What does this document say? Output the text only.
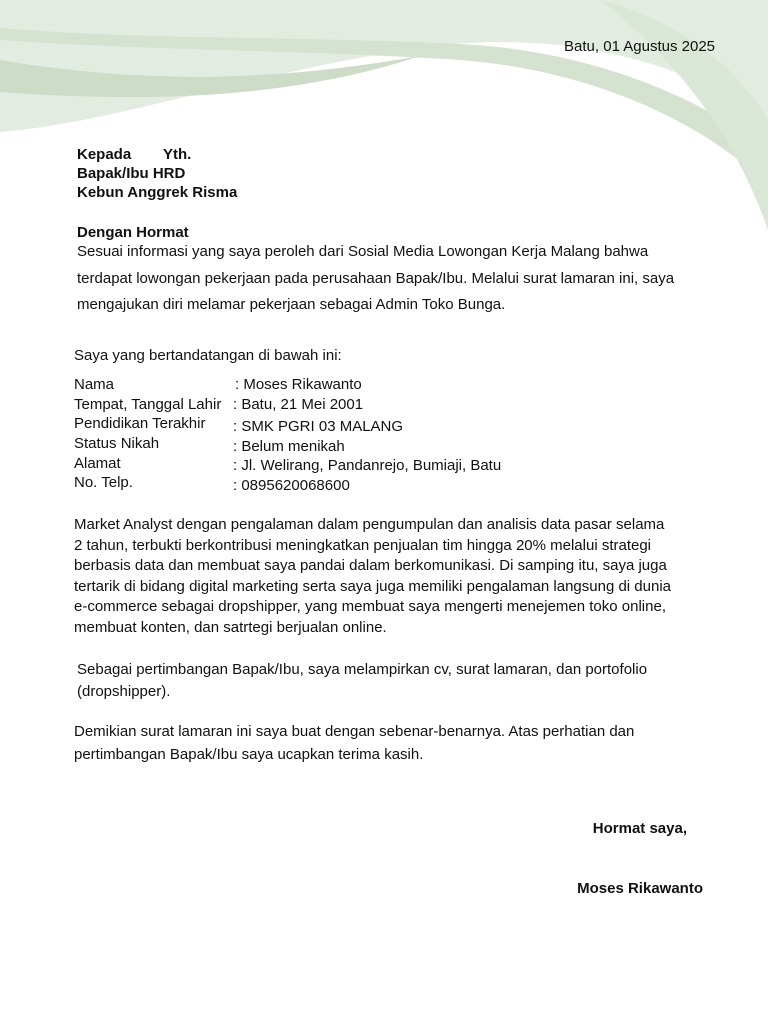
Batu, 01 Agustus 2025
Kepada Yth.
Bapak/Ibu HRD
Kebun Anggrek Risma
Dengan Hormat
Sesuai informasi yang saya peroleh dari Sosial Media Lowongan Kerja Malang bahwa
terdapat lowongan pekerjaan pada perusahaan Bapak/Ibu. Melalui surat lamaran ini, saya
mengajukan diri melamar pekerjaan sebagai Admin Toko Bunga.
Saya yang bertandatangan di bawah ini:
Nama	: Moses Rikawanto
Tempat, Tanggal Lahir : Batu, 21 Mei 2001
Pendidikan Terakhir : SMK PGRI 03 MALANG
Status Nikah	: Belum menikah
Alamat	: Jl. Welirang, Pandanrejo, Bumiaji, Batu
No. Telp.	: 0895620068600
Market Analyst dengan pengalaman dalam pengumpulan dan analisis data pasar selama
2 tahun, terbukti berkontribusi meningkatkan penjualan tim hingga 20% melalui strategi
berbasis data dan membuat saya pandai dalam berkomunikasi. Di samping itu, saya juga
tertarik di bidang digital marketing serta saya juga memiliki pengalaman langsung di dunia
e-commerce sebagai dropshipper, yang membuat saya mengerti menejemen toko online,
membuat konten, dan satrtegi berjualan online.
Sebagai pertimbangan Bapak/Ibu, saya melampirkan cv, surat lamaran, dan portofolio
(dropshipper).
Demikian surat lamaran ini saya buat dengan sebenar-benarnya. Atas perhatian dan
pertimbangan Bapak/Ibu saya ucapkan terima kasih.
Hormat saya,
Moses Rikawanto
